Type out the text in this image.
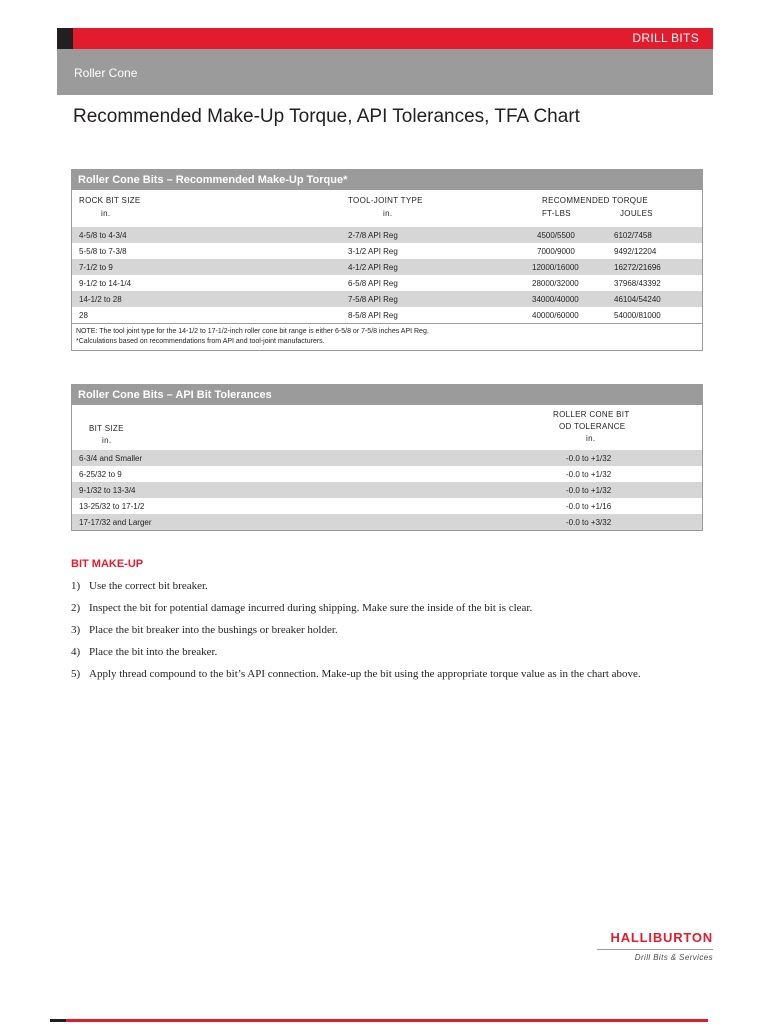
DRILL BITS
Roller Cone
Recommended Make-Up Torque, API Tolerances, TFA Chart
Roller Cone Bits – Recommended Make-Up Torque*
ROCK BIT SIZE
in.
TOOL-JOINT TYPE
in.
RECOMMENDED TORQUE
FT-LBS	JOULES
4-5/8 to 4-3/4	2-7/8 API Reg	4500/5500	6102/7458
5-5/8 to 7-3/8	3-1/2 API Reg	7000/9000	9492/12204
7-1/2 to 9	4-1/2 API Reg	12000/16000	16272/21696
9-1/2 to 14-1/4	6-5/8 API Reg	28000/32000	37968/43392
14-1/2 to 28	7-5/8 API Reg	34000/40000	46104/54240
28	8-5/8 API Reg	40000/60000	54000/81000
NOTE: The tool joint type for the 14-1/2 to 17-1/2-inch roller cone bit range is either 6-5/8 or 7-5/8 inches API Reg.
*Calculations based on recommendations from API and tool-joint manufacturers.
Roller Cone Bits – API Bit Tolerances
BIT SIZE
in.
ROLLER CONE BIT
OD TOLERANCE
in.
6-3/4 and Smaller	-0.0 to +1/32
6-25/32 to 9	-0.0 to +1/32
9-1/32 to 13-3/4	-0.0 to +1/32
13-25/32 to 17-1/2	-0.0 to +1/16
17-17/32 and Larger	-0.0 to +3/32
BIT MAKE-UP
1) Use the correct bit breaker.
2) Inspect the bit for potential damage incurred during shipping. Make sure the inside of the bit is clear.
3) Place the bit breaker into the bushings or breaker holder.
4) Place the bit into the breaker.
5) Apply thread compound to the bit’s API connection. Make-up the bit using the appropriate torque value as in the chart above.
HALLIBURTON
Drill Bits & Services
